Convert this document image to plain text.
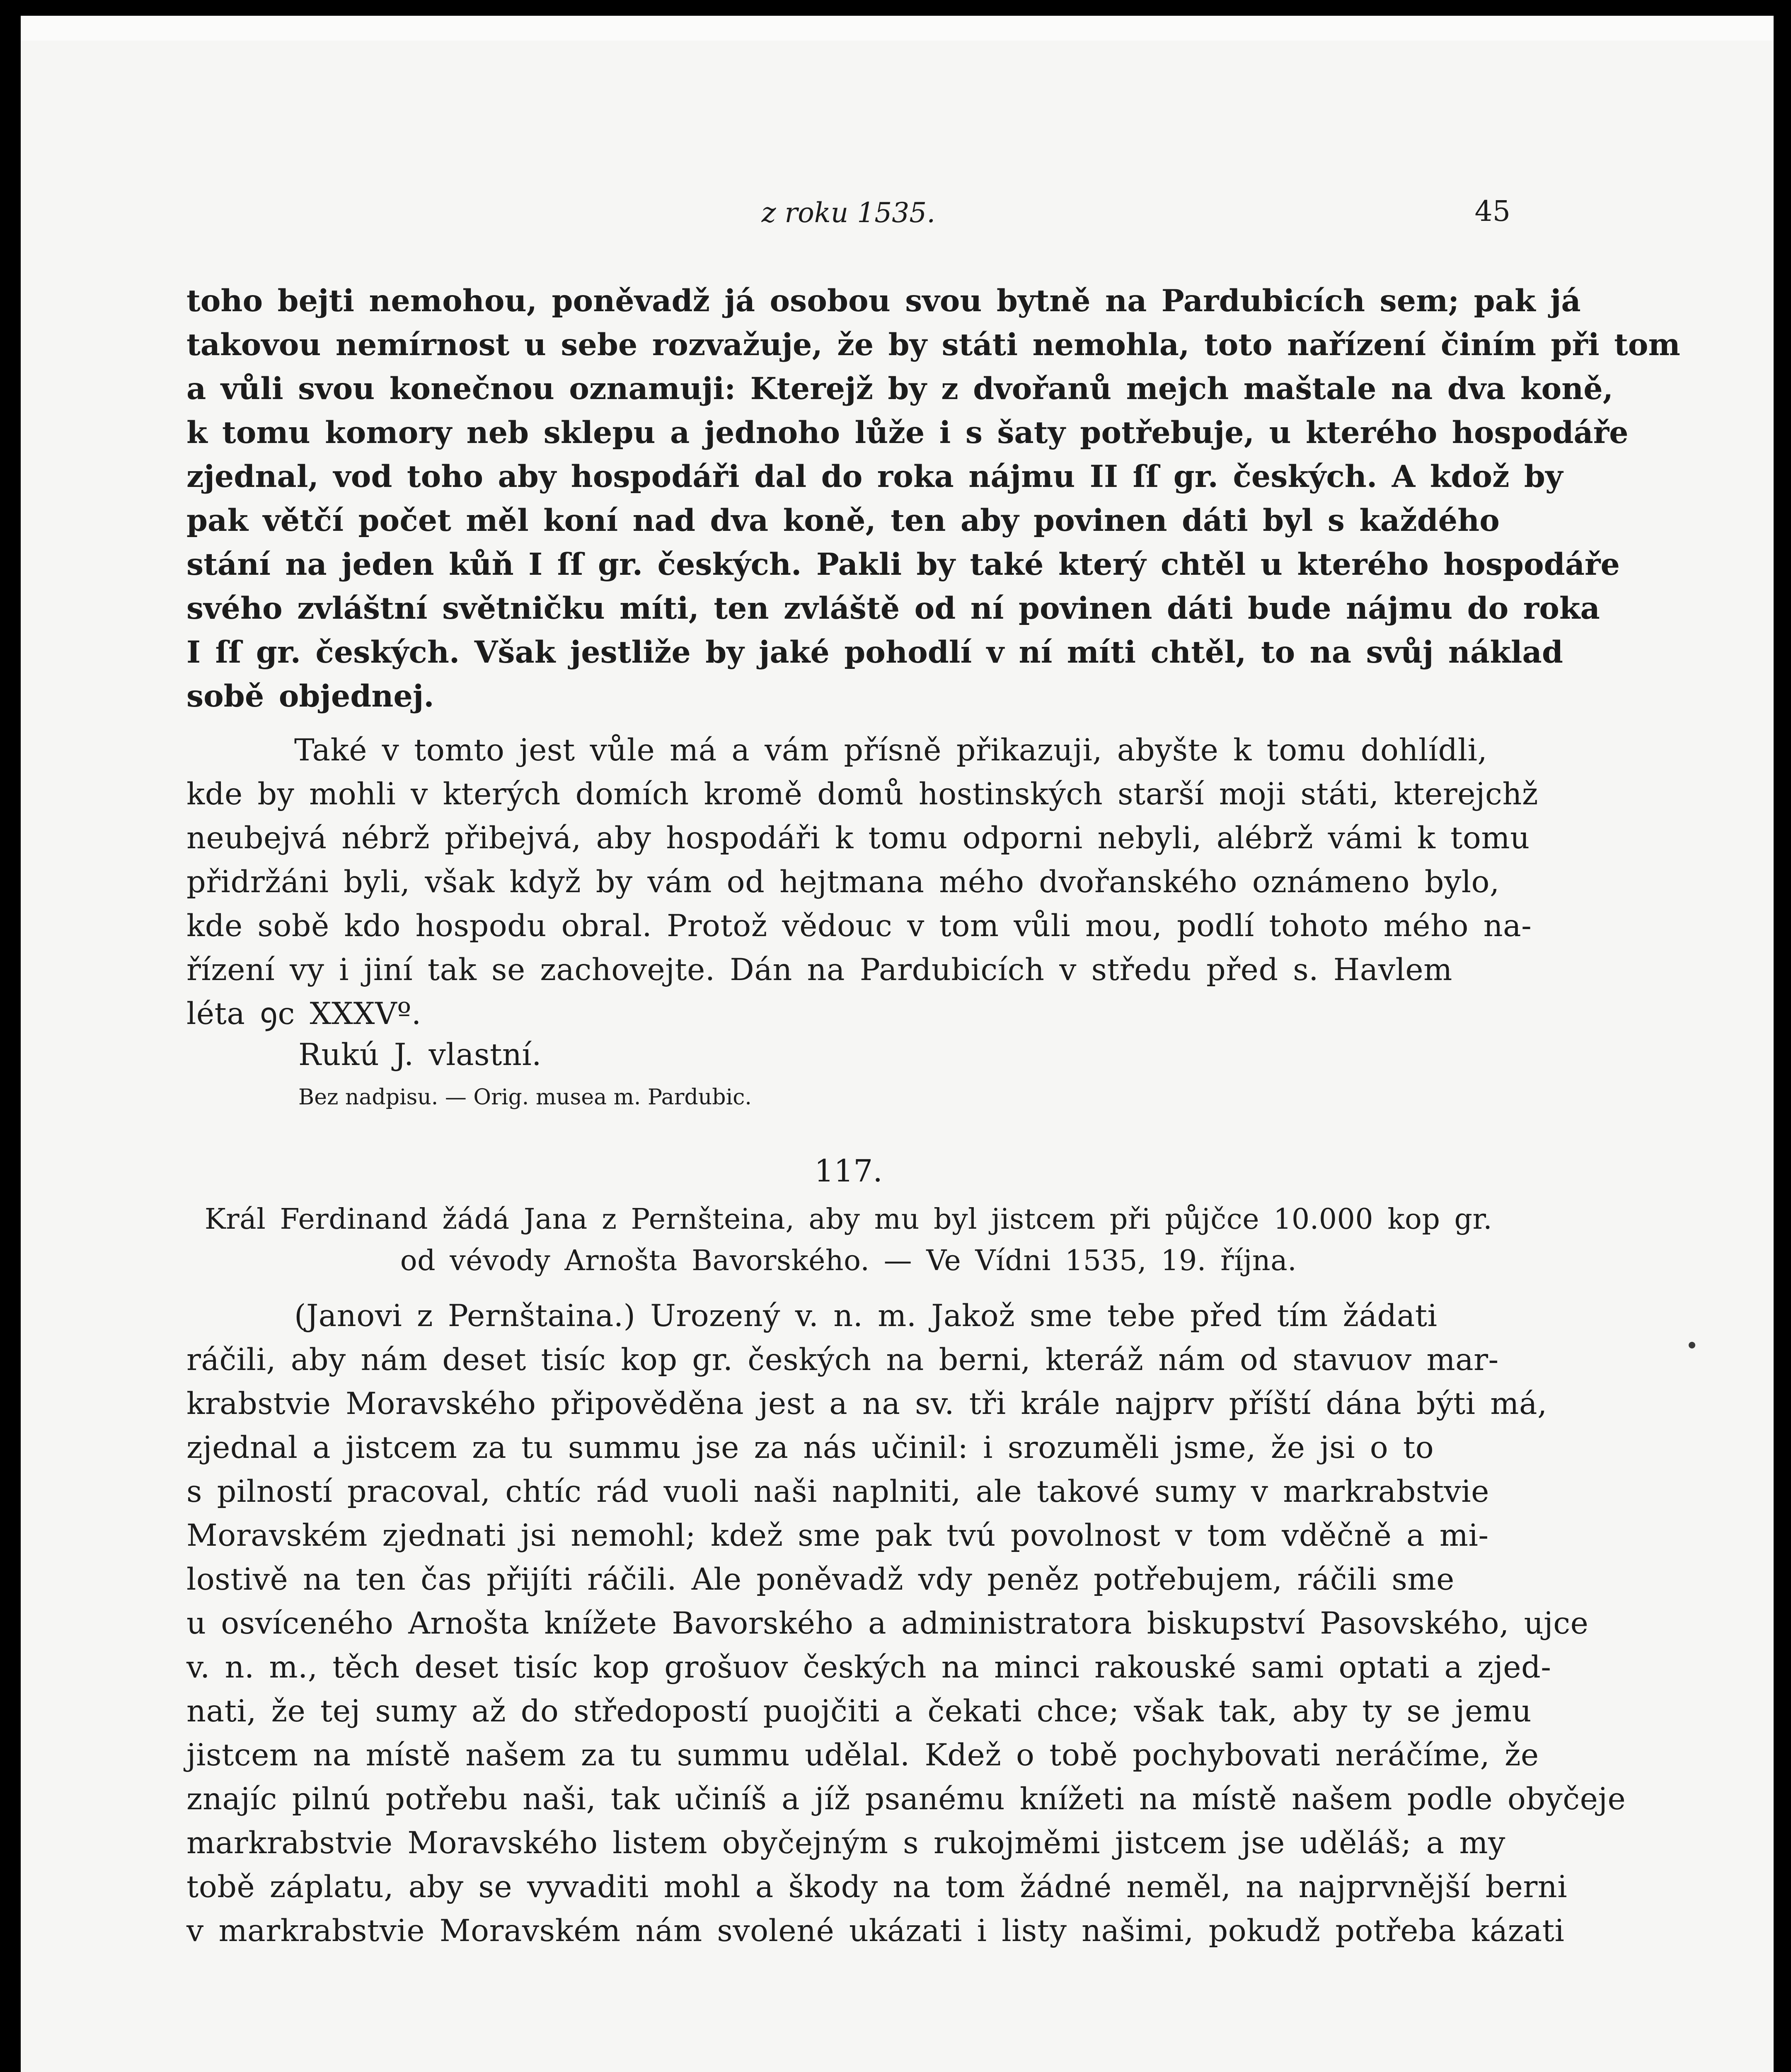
z roku 1535.	45
toho bejti nemohou, poněvadž já osobou svou bytně na Pardubicích sem; pak já
takovou nemírnost u sebe rozvažuje, že by státi nemohla, toto nařízení činím při tom
a vůli svou konečnou oznamuji: Kterejž by z dvořanů mejch maštale na dva koně,
k tomu komory neb sklepu a jednoho lůže i s šaty potřebuje, u kterého hospodáře
zjednal, vod toho aby hospodáři dal do roka nájmu II ſſ gr. českých. A kdož by
pak větčí počet měl koní nad dva koně, ten aby povinen dáti byl s každého
stání na jeden kůň I ſſ gr. českých. Pakli by také který chtěl u kterého hospodáře
svého zvláštní světničku míti, ten zvláště od ní povinen dáti bude nájmu do roka
I ſſ gr. českých. Však jestliže by jaké pohodlí v ní míti chtěl, to na svůj náklad
sobě objednej.
Také v tomto jest vůle má a vám přísně přikazuji, abyšte k tomu dohlídli,
kde by mohli v kterých domích kromě domů hostinských starší moji státi, kterejchž
neubejvá nébrž přibejvá, aby hospodáři k tomu odporni nebyli, alébrž vámi k tomu
přidržáni byli, však když by vám od hejtmana mého dvořanského oznámeno bylo,
kde sobě kdo hospodu obral. Protož vědouc v tom vůli mou, podlí tohoto mého na-
řízení vy i jiní tak se zachovejte. Dán na Pardubicích v středu před s. Havlem
léta ꝯc XXXVº.
Rukú J. vlastní.
Bez nadpisu. — Orig. musea m. Pardubic.
117.
Král Ferdinand žádá Jana z Pernšteina, aby mu byl jistcem při půjčce 10.000 kop gr.
od vévody Arnošta Bavorského. — Ve Vídni 1535, 19. října.
(Janovi z Pernštaina.) Urozený v. n. m. Jakož sme tebe před tím žádati
ráčili, aby nám deset tisíc kop gr. českých na berni, kteráž nám od stavuov mar-
krabstvie Moravského připověděna jest a na sv. tři krále najprv příští dána býti má,
zjednal a jistcem za tu summu jse za nás učinil: i srozuměli jsme, že jsi o to
s pilností pracoval, chtíc rád vuoli naši naplniti, ale takové sumy v markrabstvie
Moravském zjednati jsi nemohl; kdež sme pak tvú povolnost v tom vděčně a mi-
lostivě na ten čas přijíti ráčili. Ale poněvadž vdy peněz potřebujem, ráčili sme
u osvíceného Arnošta knížete Bavorského a administratora biskupství Pasovského, ujce
v. n. m., těch deset tisíc kop grošuov českých na minci rakouské sami optati a zjed-
nati, že tej sumy až do středopostí puojčiti a čekati chce; však tak, aby ty se jemu
jistcem na místě našem za tu summu udělal. Kdež o tobě pochybovati neráčíme, že
znajíc pilnú potřebu naši, tak učiníš a jíž psanému knížeti na místě našem podle obyčeje
markrabstvie Moravského listem obyčejným s rukojměmi jistcem jse uděláš; a my
tobě záplatu, aby se vyvaditi mohl a škody na tom žádné neměl, na najprvnější berni
v markrabstvie Moravském nám svolené ukázati i listy našimi, pokudž potřeba kázati
